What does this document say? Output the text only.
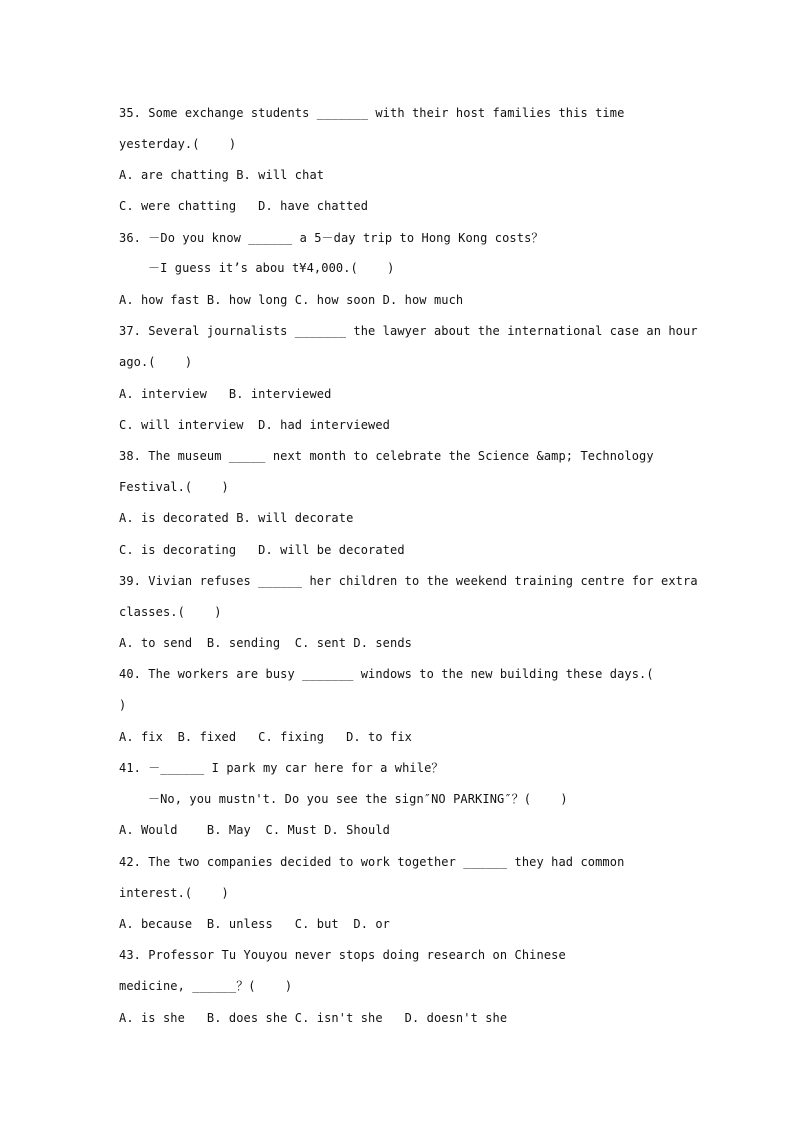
35. Some exchange students _______ with their host families this time
yesterday.(    )
A. are chatting B. will chat
C. were chatting   D. have chatted
36. －Do you know ______ a 5－day trip to Hong Kong costs？
－I guess it’s abou t¥4,000.(    )
A. how fast B. how long C. how soon D. how much
37. Several journalists _______ the lawyer about the international case an hour
ago.(    )
A. interview   B. interviewed
C. will interview  D. had interviewed
38. The museum _____ next month to celebrate the Science &amp; Technology
Festival.(    )
A. is decorated B. will decorate
C. is decorating   D. will be decorated
39. Vivian refuses ______ her children to the weekend training centre for extra
classes.(    )
A. to send  B. sending  C. sent D. sends
40. The workers are busy _______ windows to the new building these days.(
)
A. fix  B. fixed   C. fixing   D. to fix
41. －______ I park my car here for a while？
－No, you mustn't. Do you see the sign″NO PARKING″？(    )
A. Would    B. May  C. Must D. Should
42. The two companies decided to work together ______ they had common
interest.(    )
A. because  B. unless   C. but  D. or
43. Professor Tu Youyou never stops doing research on Chinese
medicine, ______？(    )
A. is she   B. does she C. isn't she   D. doesn't she
